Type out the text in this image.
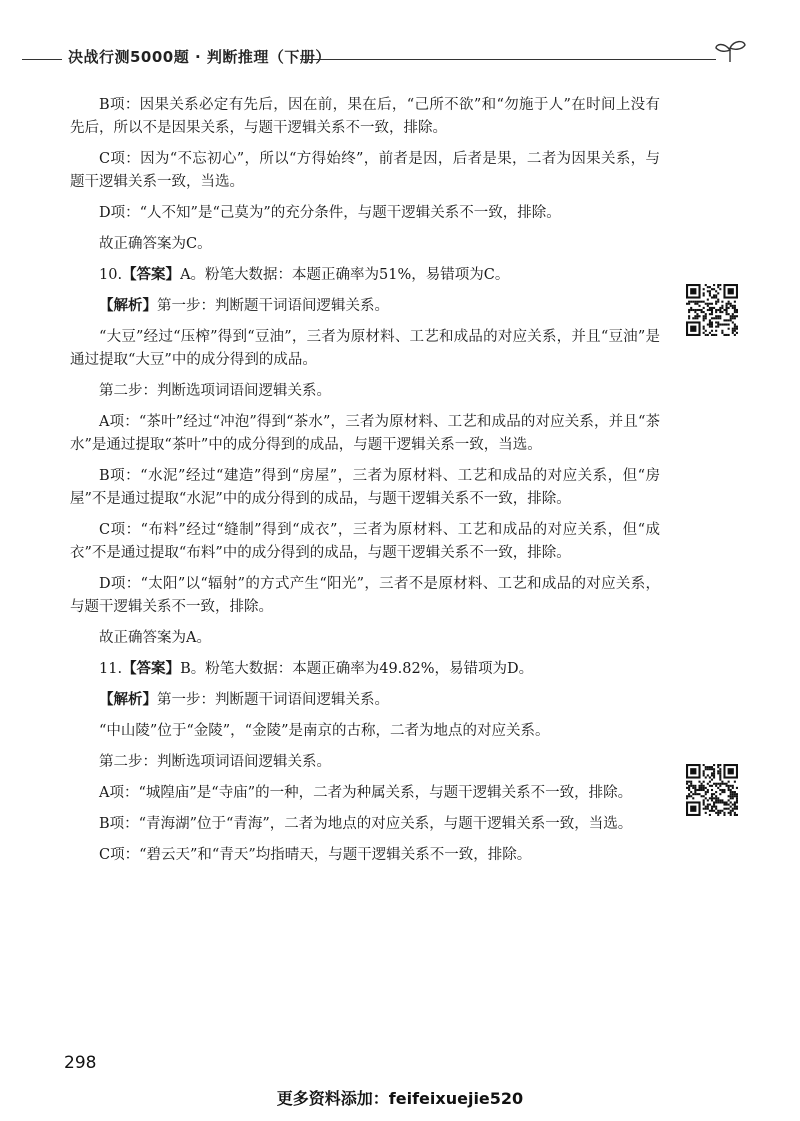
决战行测5000题 · 判断推理（下册）

B项：因果关系必定有先后，因在前，果在后，“己所不欲”和“勿施于人”在时间上没有先后，所以不是因果关系，与题干逻辑关系不一致，排除。

C项：因为“不忘初心”，所以“方得始终”，前者是因，后者是果，二者为因果关系，与题干逻辑关系一致，当选。

D项：“人不知”是“己莫为”的充分条件，与题干逻辑关系不一致，排除。

故正确答案为C。

10.【答案】A。粉笔大数据：本题正确率为51%，易错项为C。

【解析】第一步：判断题干词语间逻辑关系。

“大豆”经过“压榨”得到“豆油”，三者为原材料、工艺和成品的对应关系，并且“豆油”是通过提取“大豆”中的成分得到的成品。

第二步：判断选项词语间逻辑关系。

A项：“茶叶”经过“冲泡”得到“茶水”，三者为原材料、工艺和成品的对应关系，并且“茶水”是通过提取“茶叶”中的成分得到的成品，与题干逻辑关系一致，当选。

B项：“水泥”经过“建造”得到“房屋”，三者为原材料、工艺和成品的对应关系，但“房屋”不是通过提取“水泥”中的成分得到的成品，与题干逻辑关系不一致，排除。

C项：“布料”经过“缝制”得到“成衣”，三者为原材料、工艺和成品的对应关系，但“成衣”不是通过提取“布料”中的成分得到的成品，与题干逻辑关系不一致，排除。

D项：“太阳”以“辐射”的方式产生“阳光”，三者不是原材料、工艺和成品的对应关系，与题干逻辑关系不一致，排除。

故正确答案为A。

11.【答案】B。粉笔大数据：本题正确率为49.82%，易错项为D。

【解析】第一步：判断题干词语间逻辑关系。

“中山陵”位于“金陵”，“金陵”是南京的古称，二者为地点的对应关系。

第二步：判断选项词语间逻辑关系。

A项：“城隍庙”是“寺庙”的一种，二者为种属关系，与题干逻辑关系不一致，排除。

B项：“青海湖”位于“青海”，二者为地点的对应关系，与题干逻辑关系一致，当选。

C项：“碧云天”和“青天”均指晴天，与题干逻辑关系不一致，排除。

298
更多资料添加：feifeixuejie520
